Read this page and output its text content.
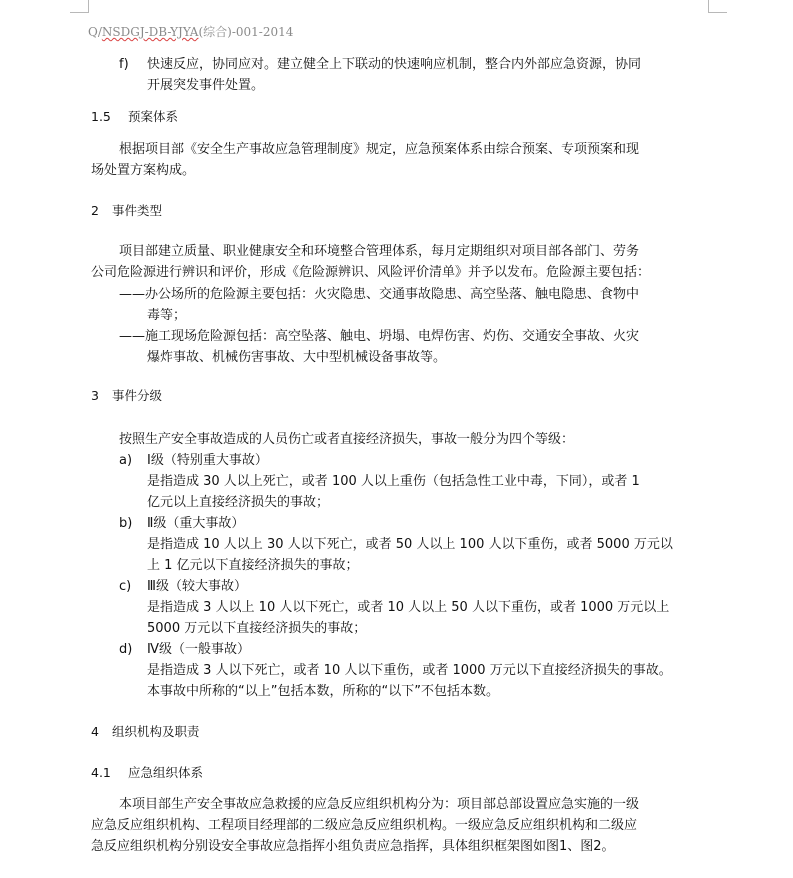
Q/NSDGJ-DB-YJYA(综合)-001-2014
f) 快速反应，协同应对。建立健全上下联动的快速响应机制，整合内外部应急资源，协同
开展突发事件处置。
1.5 预案体系
根据项目部《安全生产事故应急管理制度》规定，应急预案体系由综合预案、专项预案和现
场处置方案构成。
2 事件类型
项目部建立质量、职业健康安全和环境整合管理体系，每月定期组织对项目部各部门、劳务
公司危险源进行辨识和评价，形成《危险源辨识、风险评价清单》并予以发布。危险源主要包括：
——办公场所的危险源主要包括：火灾隐患、交通事故隐患、高空坠落、触电隐患、食物中
毒等；
——施工现场危险源包括：高空坠落、触电、坍塌、电焊伤害、灼伤、交通安全事故、火灾
爆炸事故、机械伤害事故、大中型机械设备事故等。
3 事件分级
按照生产安全事故造成的人员伤亡或者直接经济损失，事故一般分为四个等级：
a) Ⅰ级（特别重大事故）
是指造成 30 人以上死亡，或者 100 人以上重伤（包括急性工业中毒，下同），或者 1
亿元以上直接经济损失的事故；
b) Ⅱ级（重大事故）
是指造成 10 人以上 30 人以下死亡，或者 50 人以上 100 人以下重伤，或者 5000 万元以
上 1 亿元以下直接经济损失的事故；
c) Ⅲ级（较大事故）
是指造成 3 人以上 10 人以下死亡，或者 10 人以上 50 人以下重伤，或者 1000 万元以上
5000 万元以下直接经济损失的事故；
d) Ⅳ级（一般事故）
是指造成 3 人以下死亡，或者 10 人以下重伤，或者 1000 万元以下直接经济损失的事故。
本事故中所称的“以上”包括本数，所称的“以下”不包括本数。
4 组织机构及职责
4.1 应急组织体系
本项目部生产安全事故应急救援的应急反应组织机构分为：项目部总部设置应急实施的一级
应急反应组织机构、工程项目经理部的二级应急反应组织机构。一级应急反应组织机构和二级应
急反应组织机构分别设安全事故应急指挥小组负责应急指挥，具体组织框架图如图1、图2。
